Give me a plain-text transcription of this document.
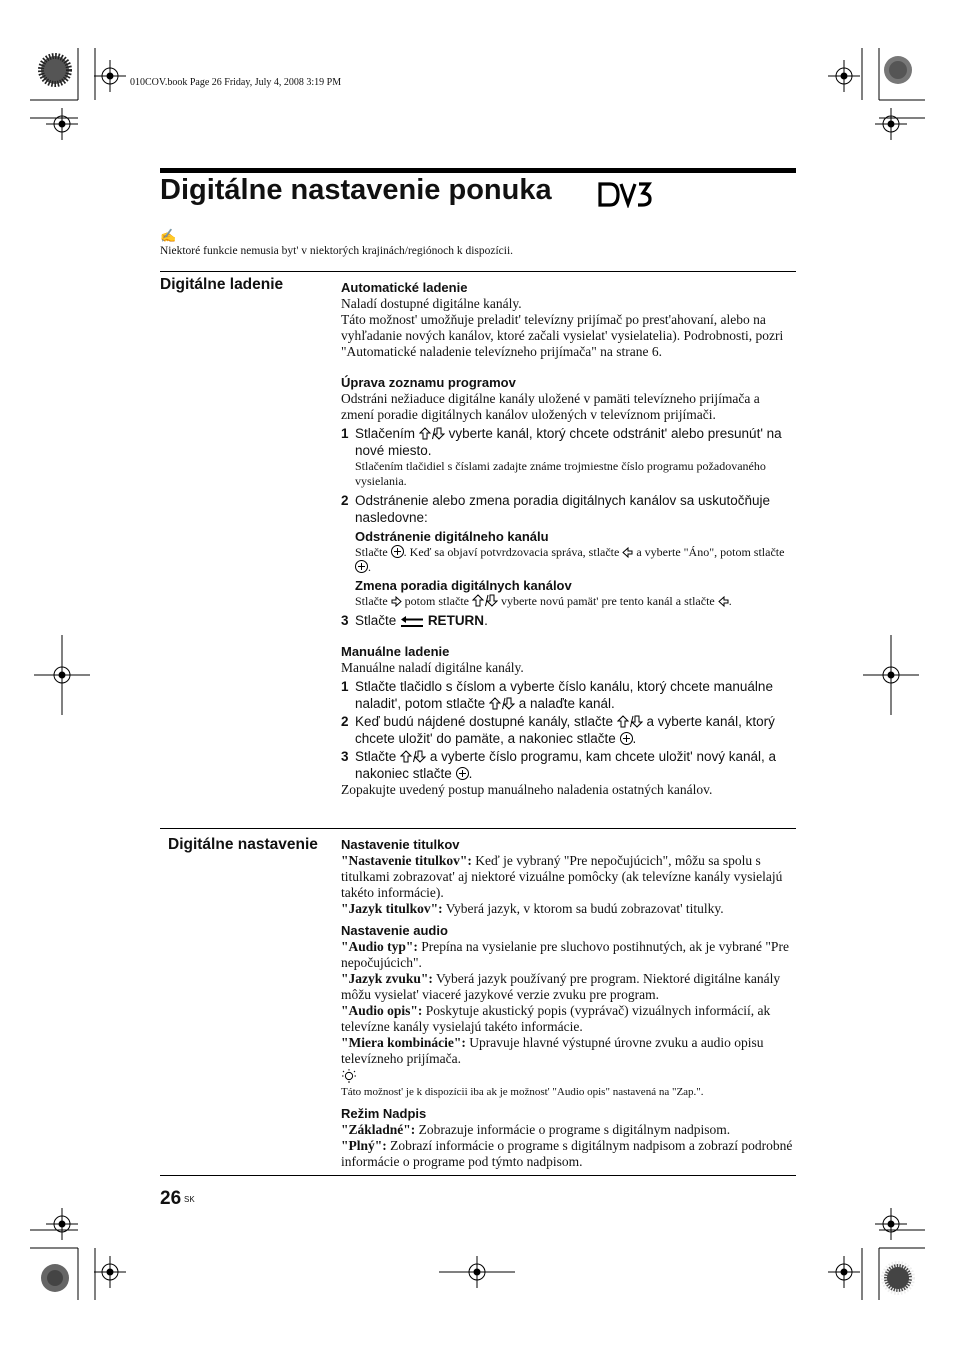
010COV.book Page 26 Friday, July 4, 2008 3:19 PM
Digitálne nastavenie ponuka
✍
Niektoré funkcie nemusia byt' v niektorých krajinách/regiónoch k dispozícii.
Digitálne ladenie	Automatické ladenie

Naladí dostupné digitálne kanály.

Táto možnost' umožňuje preladit' televízny prijímač po prest'ahovaní, alebo na vyhľadanie nových kanálov, ktoré začali vysielat' vysielatelia). Podrobnosti, pozri "Automatické naladenie televízneho prijímača" na strane 6.

Úprava zoznamu programov

Odstráni nežiaduce digitálne kanály uložené v pamäti televízneho prijímača a zmení poradie digitálnych kanálov uložených v televíznom prijímači.

1 Stlačením vyberte kanál, ktorý chcete odstránit' alebo presunút' na nové miesto.

Stlačením tlačidiel s číslami zadajte známe trojmiestne číslo programu požadovaného vysielania.

2 Odstránenie alebo zmena poradia digitálnych kanálov sa uskutočňuje nasledovne:

Odstránenie digitálneho kanálu

Stlačte . Keď sa objaví potvrdzovacia správa, stlačte a vyberte "Áno", potom stlačte .

Zmena poradia digitálnych kanálov

Stlačte potom stlačte	vyberte novú pamät' pre tento kanál a stlačte .

3 Stlačte RETURN.

Manuálne ladenie

Manuálne naladí digitálne kanály.

1 Stlačte tlačidlo s číslom a vyberte číslo kanálu, ktorý chcete manuálne naladit', potom stlačte a nalaďte kanál.
2 Keď budú nájdené dostupné kanály, stlačte a vyberte kanál, ktorý chcete uložit' do pamäte, a nakoniec stlačte .
3 Stlačte a vyberte číslo programu, kam chcete uložit' nový kanál, a nakoniec stlačte .

Zopakujte uvedený postup manuálneho naladenia ostatných kanálov.

Digitálne nastavenie Nastavenie titulkov

"Nastavenie titulkov": Keď je vybraný "Pre nepočujúcich", môžu sa spolu s titulkami zobrazovat' aj niektoré vizuálne pomôcky (ak televízne kanály vysielajú takéto informácie).

"Jazyk titulkov": Vyberá jazyk, v ktorom sa budú zobrazovat' titulky.

Nastavenie audio

"Audio typ": Prepína na vysielanie pre sluchovo postihnutých, ak je vybrané "Pre nepočujúcich".

"Jazyk zvuku": Vyberá jazyk používaný pre program. Niektoré digitálne kanály môžu vysielat' viaceré jazykové verzie zvuku pre program.

"Audio opis": Poskytuje akustický popis (vyprávač) vizuálnych informácií, ak televízne kanály vysielajú takéto informácie.

"Miera kombinácie": Upravuje hlavné výstupné úrovne zvuku a audio opisu televízneho prijímača.

Táto možnost' je k dispozícii iba ak je možnost' "Audio opis" nastavená na "Zap.".

Režim Nadpis

"Základné": Zobrazuje informácie o programe s digitálnym nadpisom.

"Plný": Zobrazí informácie o programe s digitálnym nadpisom a zobrazí podrobné informácie o programe pod týmto nadpisom.

26 SK
